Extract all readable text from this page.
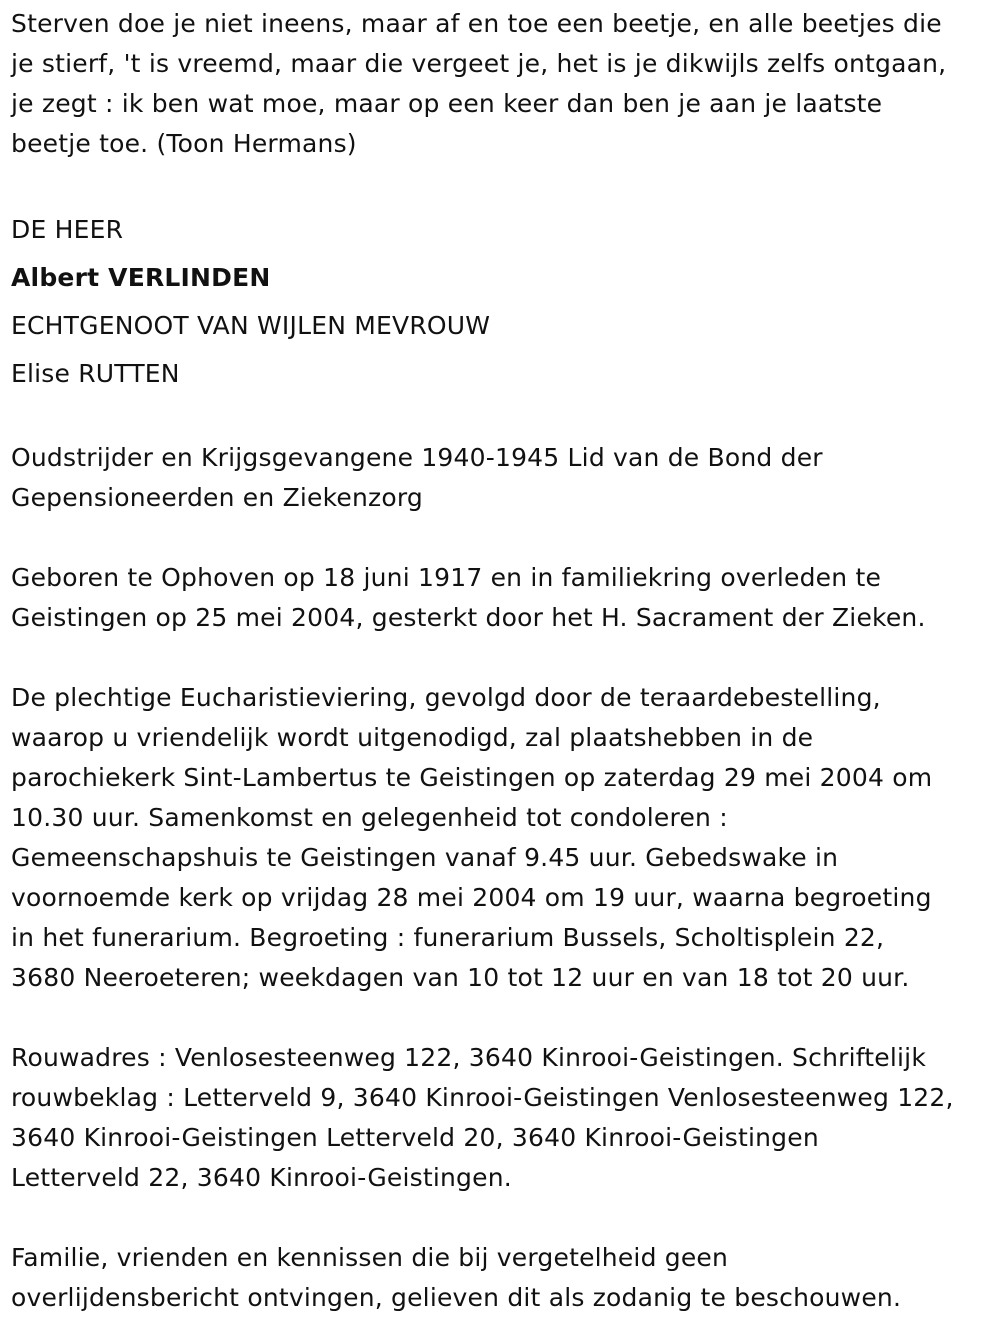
Sterven doe je niet ineens, maar af en toe een beetje, en alle beetjes die
je stierf, 't is vreemd, maar die vergeet je, het is je dikwijls zelfs ontgaan,
je zegt : ik ben wat moe, maar op een keer dan ben je aan je laatste
beetje toe. (Toon Hermans)

DE HEER

Albert VERLINDEN

ECHTGENOOT VAN WIJLEN MEVROUW

Elise RUTTEN

Oudstrijder en Krijgsgevangene 1940-1945 Lid van de Bond der
Gepensioneerden en Ziekenzorg

Geboren te Ophoven op 18 juni 1917 en in familiekring overleden te
Geistingen op 25 mei 2004, gesterkt door het H. Sacrament der Zieken.

De plechtige Eucharistieviering, gevolgd door de teraardebestelling,
waarop u vriendelijk wordt uitgenodigd, zal plaatshebben in de
parochiekerk Sint-Lambertus te Geistingen op zaterdag 29 mei 2004 om
10.30 uur. Samenkomst en gelegenheid tot condoleren :
Gemeenschapshuis te Geistingen vanaf 9.45 uur. Gebedswake in
voornoemde kerk op vrijdag 28 mei 2004 om 19 uur, waarna begroeting
in het funerarium. Begroeting : funerarium Bussels, Scholtisplein 22,
3680 Neeroeteren; weekdagen van 10 tot 12 uur en van 18 tot 20 uur.

Rouwadres : Venlosesteenweg 122, 3640 Kinrooi-Geistingen. Schriftelijk
rouwbeklag : Letterveld 9, 3640 Kinrooi-Geistingen Venlosesteenweg 122,
3640 Kinrooi-Geistingen Letterveld 20, 3640 Kinrooi-Geistingen
Letterveld 22, 3640 Kinrooi-Geistingen.

Familie, vrienden en kennissen die bij vergetelheid geen
overlijdensbericht ontvingen, gelieven dit als zodanig te beschouwen.
